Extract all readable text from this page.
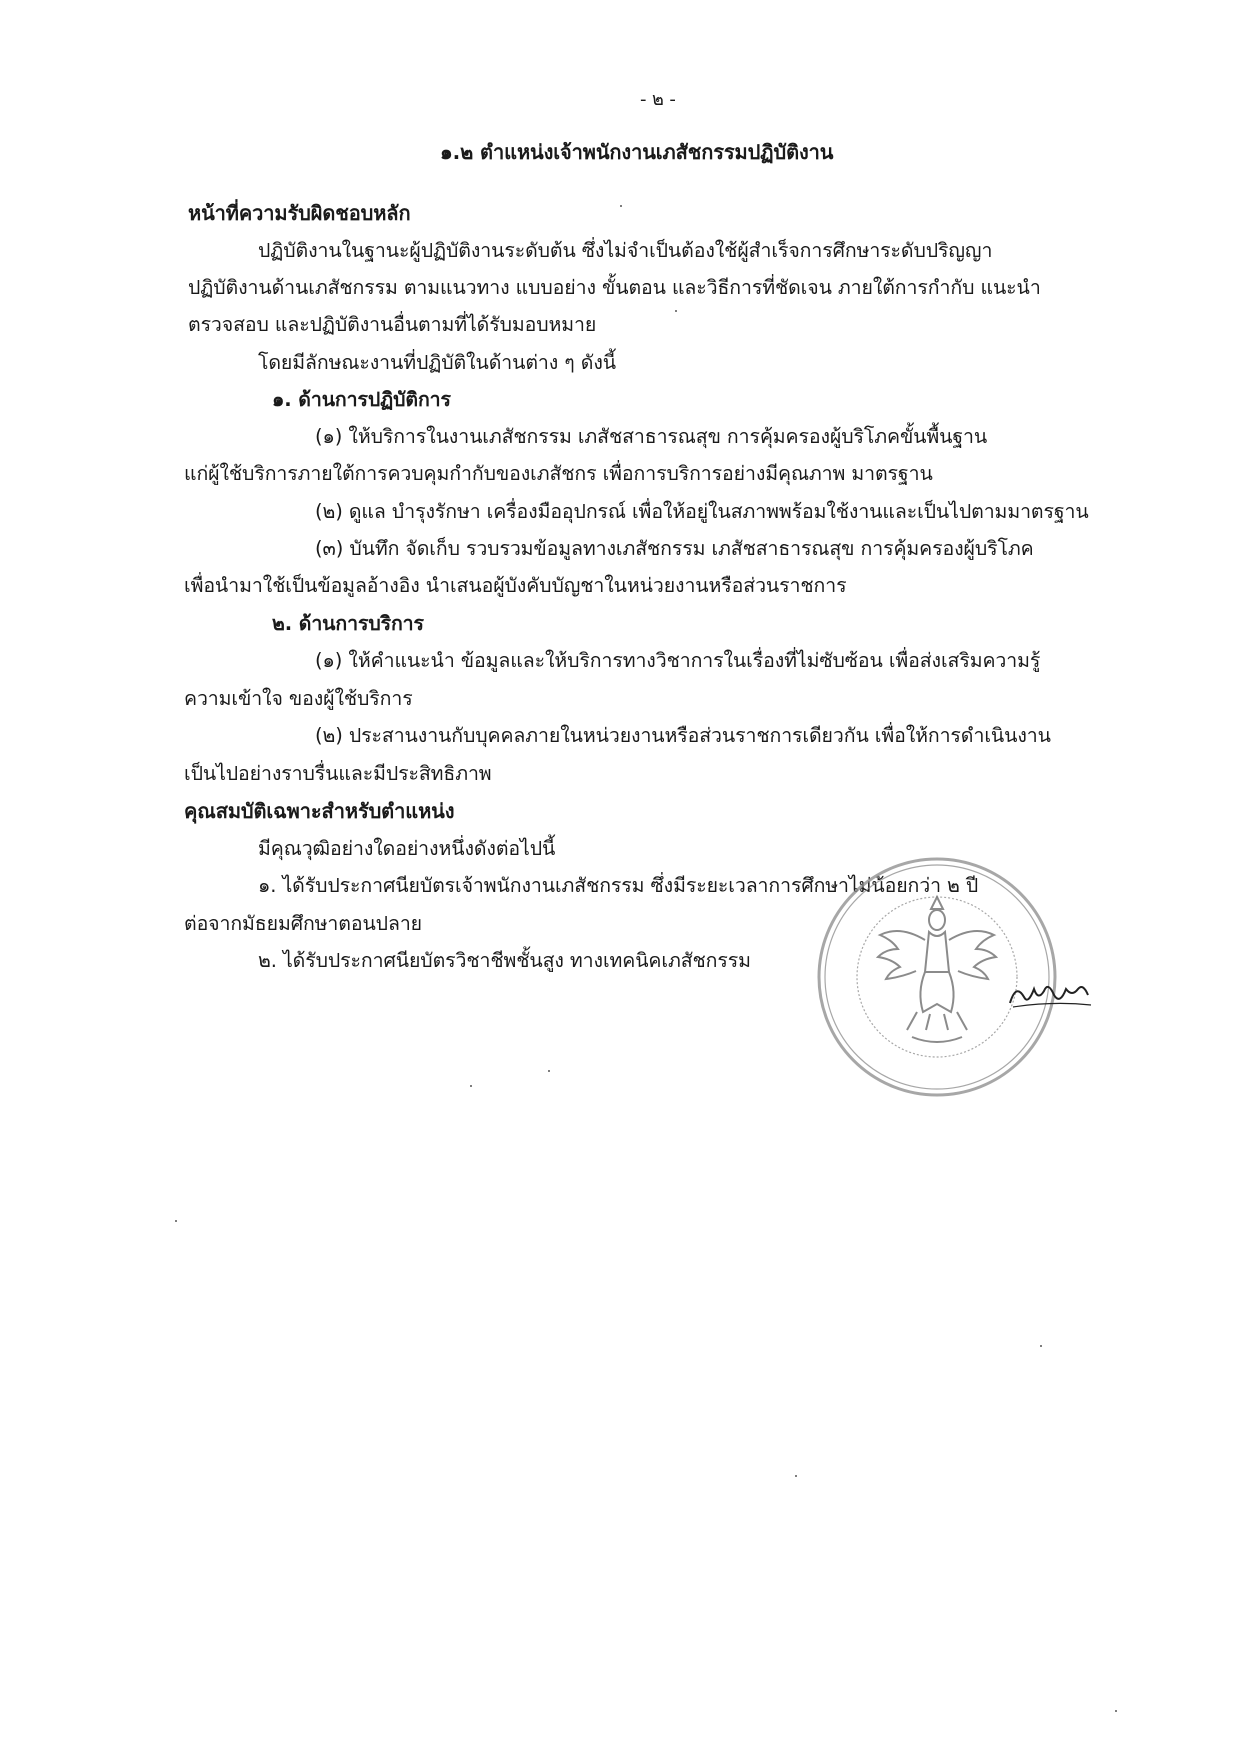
- ๒ -
๑.๒ ตำแหน่งเจ้าพนักงานเภสัชกรรมปฏิบัติงาน
หน้าที่ความรับผิดชอบหลัก
ปฏิบัติงานในฐานะผู้ปฏิบัติงานระดับต้น ซึ่งไม่จำเป็นต้องใช้ผู้สำเร็จการศึกษาระดับปริญญา
ปฏิบัติงานด้านเภสัชกรรม ตามแนวทาง แบบอย่าง ขั้นตอน และวิธีการที่ชัดเจน ภายใต้การกำกับ แนะนำ
ตรวจสอบ และปฏิบัติงานอื่นตามที่ได้รับมอบหมาย
โดยมีลักษณะงานที่ปฏิบัติในด้านต่าง ๆ ดังนี้
๑. ด้านการปฏิบัติการ
(๑) ให้บริการในงานเภสัชกรรม เภสัชสาธารณสุข การคุ้มครองผู้บริโภคขั้นพื้นฐาน
แก่ผู้ใช้บริการภายใต้การควบคุมกำกับของเภสัชกร เพื่อการบริการอย่างมีคุณภาพ มาตรฐาน
(๒) ดูแล บำรุงรักษา เครื่องมืออุปกรณ์ เพื่อให้อยู่ในสภาพพร้อมใช้งานและเป็นไปตามมาตรฐาน
(๓) บันทึก จัดเก็บ รวบรวมข้อมูลทางเภสัชกรรม เภสัชสาธารณสุข การคุ้มครองผู้บริโภค
เพื่อนำมาใช้เป็นข้อมูลอ้างอิง นำเสนอผู้บังคับบัญชาในหน่วยงานหรือส่วนราชการ
๒. ด้านการบริการ
(๑) ให้คำแนะนำ ข้อมูลและให้บริการทางวิชาการในเรื่องที่ไม่ซับซ้อน เพื่อส่งเสริมความรู้
ความเข้าใจ ของผู้ใช้บริการ
(๒) ประสานงานกับบุคคลภายในหน่วยงานหรือส่วนราชการเดียวกัน เพื่อให้การดำเนินงาน
เป็นไปอย่างราบรื่นและมีประสิทธิภาพ
คุณสมบัติเฉพาะสำหรับตำแหน่ง
มีคุณวุฒิอย่างใดอย่างหนึ่งดังต่อไปนี้
๑. ได้รับประกาศนียบัตรเจ้าพนักงานเภสัชกรรม ซึ่งมีระยะเวลาการศึกษาไม่น้อยกว่า ๒ ปี
ต่อจากมัธยมศึกษาตอนปลาย
๒. ได้รับประกาศนียบัตรวิชาชีพชั้นสูง ทางเทคนิคเภสัชกรรม
